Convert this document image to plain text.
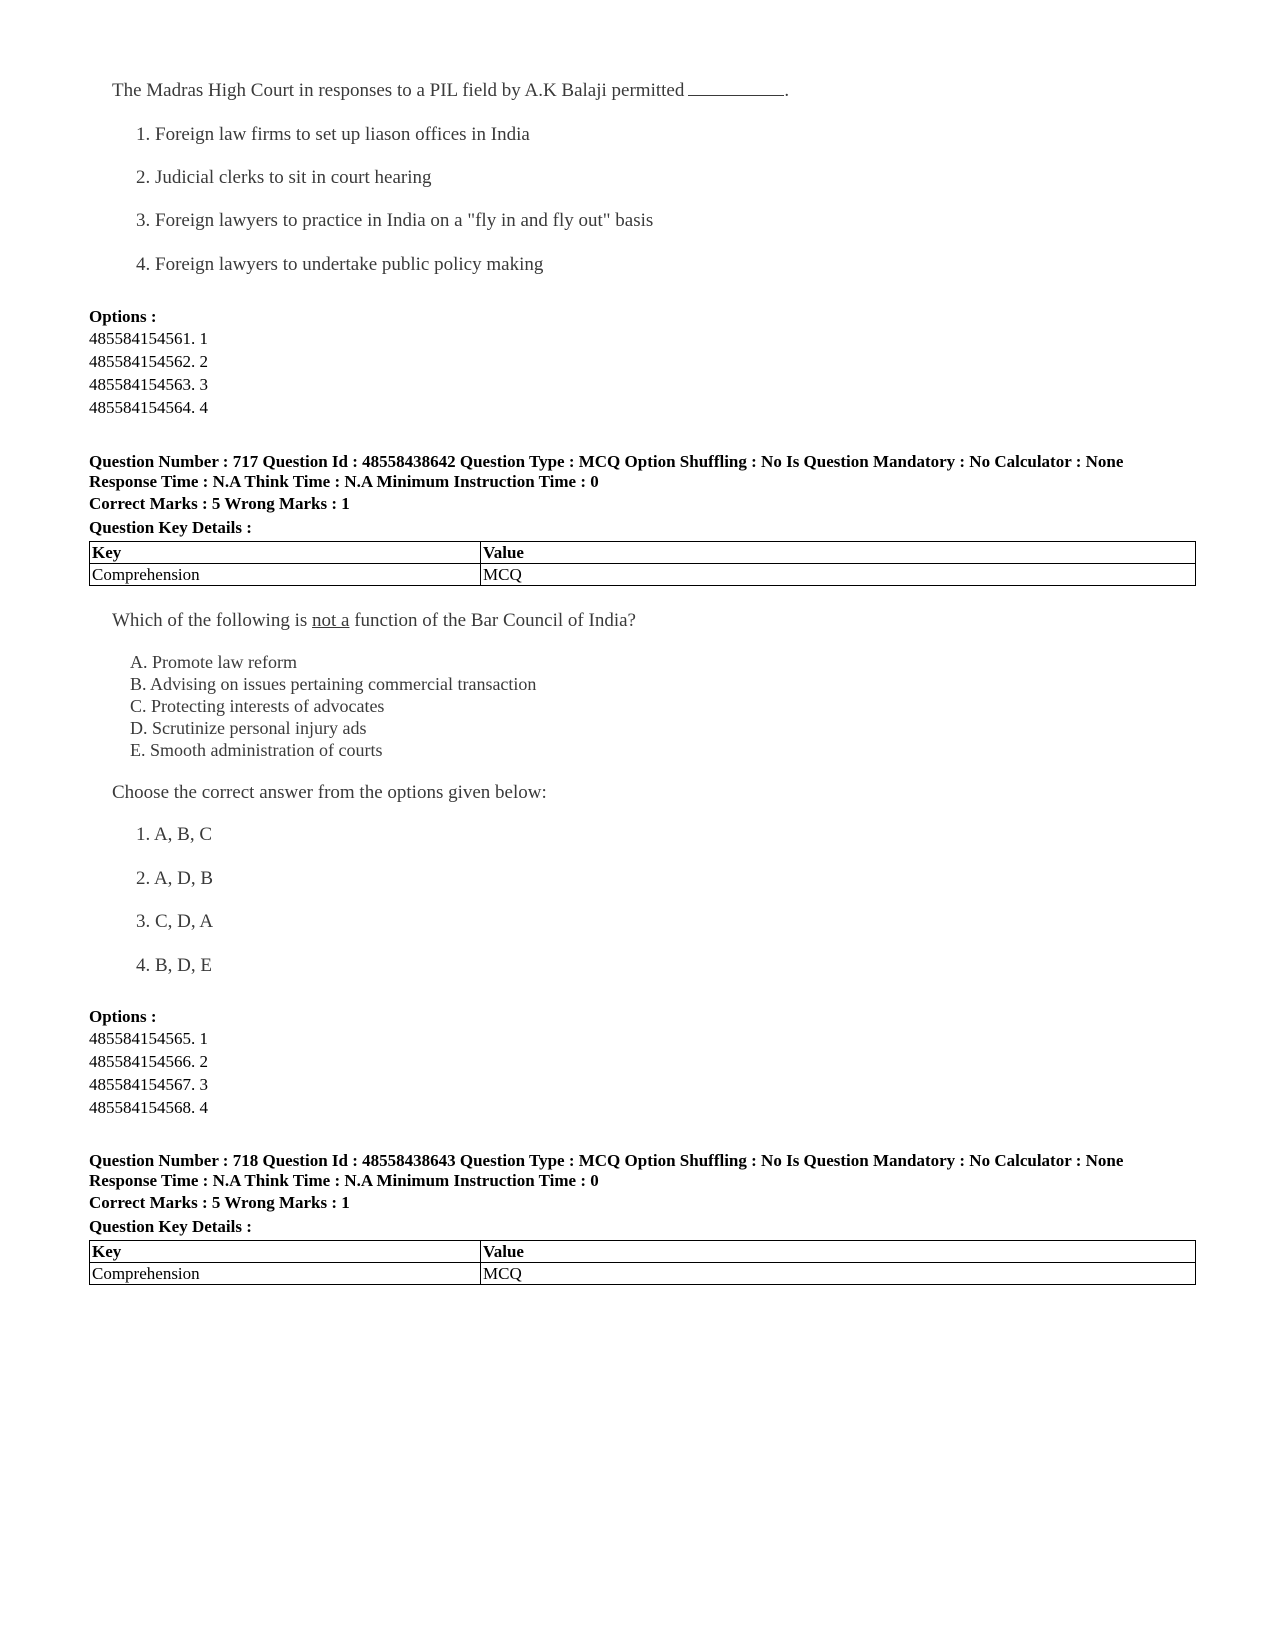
The Madras High Court in responses to a PIL field by A.K Balaji permitted	.
1. Foreign law firms to set up liason offices in India
2. Judicial clerks to sit in court hearing
3. Foreign lawyers to practice in India on a "fly in and fly out" basis
4. Foreign lawyers to undertake public policy making
Options :
485584154561. 1
485584154562. 2
485584154563. 3
485584154564. 4
Question Number : 717 Question Id : 48558438642 Question Type : MCQ Option Shuffling : No Is Question Mandatory : No Calculator : None
Response Time : N.A Think Time : N.A Minimum Instruction Time : 0
Correct Marks : 5 Wrong Marks : 1
Question Key Details :
Key	Value
Comprehension	MCQ
Which of the following is not a function of the Bar Council of India?
A. Promote law reform
B. Advising on issues pertaining commercial transaction
C. Protecting interests of advocates
D. Scrutinize personal injury ads
E. Smooth administration of courts
Choose the correct answer from the options given below:
1. A, B, C
2. A, D, B
3. C, D, A
4. B, D, E
Options :
485584154565. 1
485584154566. 2
485584154567. 3
485584154568. 4
Question Number : 718 Question Id : 48558438643 Question Type : MCQ Option Shuffling : No Is Question Mandatory : No Calculator : None
Response Time : N.A Think Time : N.A Minimum Instruction Time : 0
Correct Marks : 5 Wrong Marks : 1
Question Key Details :
Key	Value
Comprehension	MCQ
